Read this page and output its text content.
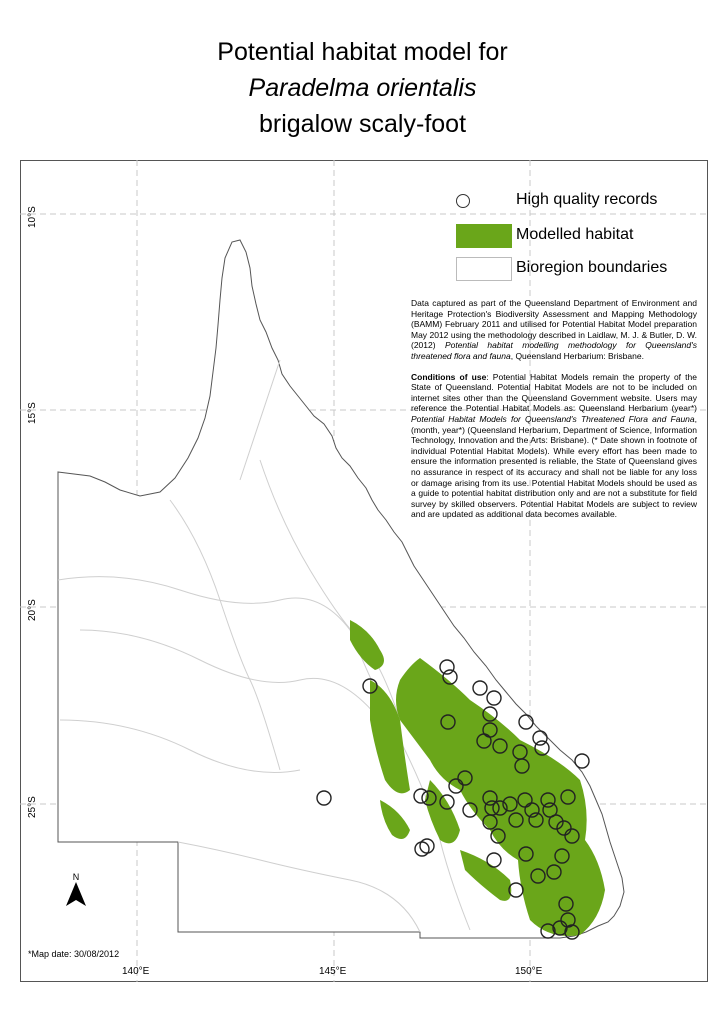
Potential habitat model for
Paradelma orientalis
brigalow scaly-foot
10°S
15°S
20°S
25°S
140°E	145°E	150°E
High quality records
Modelled habitat
Bioregion boundaries

Data captured as part of the Queensland Department of Environment and Heritage Protection's Biodiversity Assessment and Mapping Methodology (BAMM) February 2011 and utilised for Potential Habitat Model preparation May 2012 using the methodology described in Laidlaw, M. J. & Butler, D. W. (2012) Potential habitat modelling methodology for Queensland's threatened flora and fauna, Queensland Herbarium: Brisbane.

Conditions of use: Potential Habitat Models remain the property of the State of Queensland. Potential Habitat Models are not to be included on internet sites other than the Queensland Government website. Users may reference the Potential Habitat Models as: Queensland Herbarium (year*) Potential Habitat Models for Queensland's Threatened Flora and Fauna, (month, year*) (Queensland Herbarium, Department of Science, Information Technology, Innovation and the Arts: Brisbane). (* Date shown in footnote of individual Potential Habitat Models). While every effort has been made to ensure the information presented is reliable, the State of Queensland gives no assurance in respect of its accuracy and shall not be liable for any loss or damage arising from its use. Potential Habitat Models should be used as a guide to potential habitat distribution only and are not a substitute for field survey by skilled observers. Potential Habitat Models are subject to review and are updated as additional data becomes available.

N
*Map date: 30/08/2012
